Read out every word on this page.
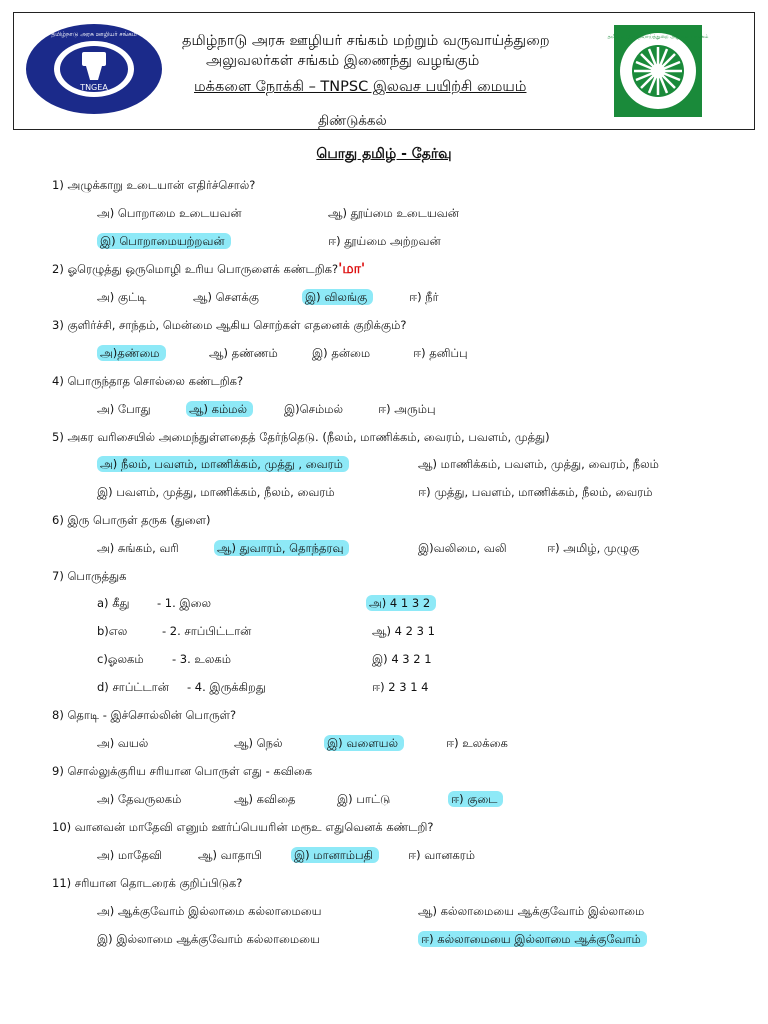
TNGEA
தமிழ்நாடு அரசு ஊழியர் சங்கம்	தமிழ்நாடு அரசு ஊழியர் சங்கம் மற்றும் வருவாய்த்துறை
அலுவலர்கள் சங்கம் இணைந்து வழங்கும்
மக்களை நோக்கி – TNPSC இலவச பயிற்சி மையம்
திண்டுக்கல்
தமிழ்நாடு வருவாய்த்துறை அலுவலர் சங்கம்
பொது தமிழ் - தேர்வு
1) அழுக்காறு உடையான் எதிர்ச்சொல்?
அ) பொறாமை உடையவன்	ஆ) தூய்மை உடையவன்
இ) பொறாமையற்றவன்	ஈ) தூய்மை அற்றவன்
2) ஓரெழுத்து ஒருமொழி உரிய பொருளைக் கண்டறிக?'மா'
அ) குட்டி	ஆ) செளக்கு	இ) விலங்கு	ஈ) நீர்
3) குளிர்ச்சி, சாந்தம், மென்மை ஆகிய சொற்கள் எதனைக் குறிக்கும்?
அ)தண்மை	ஆ) தண்ணம்	இ) தன்மை	ஈ) தனிப்பு
4) பொருந்தாத சொல்லை கண்டறிக?
அ) போது	ஆ) கம்மல்	இ)செம்மல்	ஈ) அரும்பு
5) அகர வரிசையில் அமைந்துள்ளதைத் தேர்ந்தெடு. (நீலம், மாணிக்கம், வைரம், பவளம், முத்து)
அ) நீலம், பவளம், மாணிக்கம், முத்து , வைரம்	ஆ) மாணிக்கம், பவளம், முத்து, வைரம், நீலம்
இ) பவளம், முத்து, மாணிக்கம், நீலம், வைரம்	ஈ) முத்து, பவளம், மாணிக்கம், நீலம், வைரம்
6) இரு பொருள் தருக (துளை)
அ) சுங்கம், வரி	ஆ) துவாரம், தொந்தரவு	இ)வலிமை, வலி	ஈ) அமிழ், முழுகு
7) பொருத்துக
a) கீது - 1. இலை	அ) 4 1 3 2
b)எல	- 2. சாப்பிட்டான்	ஆ) 4 2 3 1
c)ஓலகம் - 3. உலகம்	இ) 4 3 2 1
d) சாப்ட்டான் - 4. இருக்கிறது	ஈ) 2 3 1 4
8) தொடி - இச்சொல்லின் பொருள்?
அ) வயல்	ஆ) நெல்	இ) வளையல்	ஈ) உலக்கை
9) சொல்லுக்குரிய சரியான பொருள் எது - கவிகை
அ) தேவருலகம்	ஆ) கவிதை	இ) பாட்டு	ஈ) குடை
10) வானவன் மாதேவி எனும் ஊர்ப்பெயரின் மரூஉ எதுவெனக் கண்டறி?
அ) மாதேவி	ஆ) வாதாபி	இ) மானாம்பதி	ஈ) வானகரம்
11) சரியான தொடரைக் குறிப்பிடுக?
அ) ஆக்குவோம் இல்லாமை கல்லாமையை	ஆ) கல்லாமையை ஆக்குவோம் இல்லாமை
இ) இல்லாமை ஆக்குவோம் கல்லாமையை	ஈ) கல்லாமையை இல்லாமை ஆக்குவோம்
